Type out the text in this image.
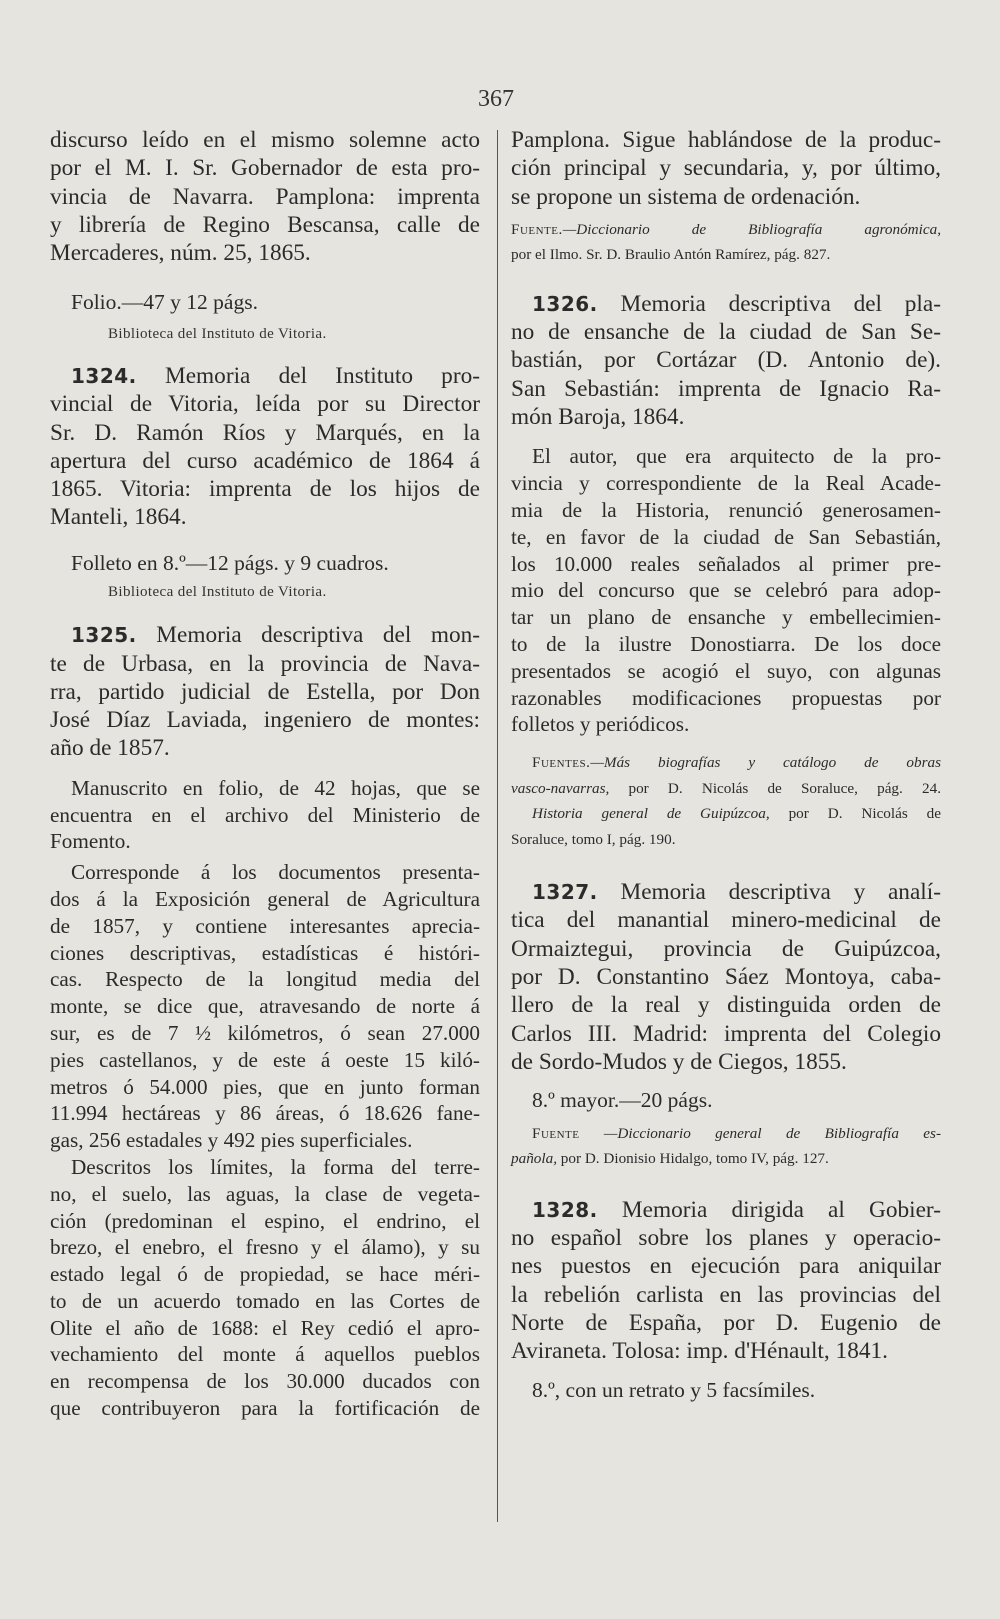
367

discurso leído en el mismo solemne acto

por el M. I. Sr. Gobernador de esta pro-

vincia de Navarra. Pamplona: imprenta

y librería de Regino Bescansa, calle de

Mercaderes, núm. 25, 1865.

Folio.—47 y 12 págs.

Biblioteca del Instituto de Vitoria.

1324. Memoria del Instituto pro-

vincial de Vitoria, leída por su Director

Sr. D. Ramón Ríos y Marqués, en la

apertura del curso académico de 1864 á

1865. Vitoria: imprenta de los hijos de

Manteli, 1864.

Folleto en 8.º—12 págs. y 9 cuadros.

Biblioteca del Instituto de Vitoria.

1325. Memoria descriptiva del mon-

te de Urbasa, en la provincia de Nava-

rra, partido judicial de Estella, por Don

José Díaz Laviada, ingeniero de montes:

año de 1857.

Manuscrito en folio, de 42 hojas, que se

encuentra en el archivo del Ministerio de

Fomento.

Corresponde á los documentos presenta-

dos á la Exposición general de Agricultura

de 1857, y contiene interesantes aprecia-

ciones descriptivas, estadísticas é históri-

cas. Respecto de la longitud media del

monte, se dice que, atravesando de norte á

sur, es de 7 ½ kilómetros, ó sean 27.000

pies castellanos, y de este á oeste 15 kiló-

metros ó 54.000 pies, que en junto forman

11.994 hectáreas y 86 áreas, ó 18.626 fane-

gas, 256 estadales y 492 pies superficiales.

Descritos los límites, la forma del terre-

no, el suelo, las aguas, la clase de vegeta-

ción (predominan el espino, el endrino, el

brezo, el enebro, el fresno y el álamo), y su

estado legal ó de propiedad, se hace méri-

to de un acuerdo tomado en las Cortes de

Olite el año de 1688: el Rey cedió el apro-

vechamiento del monte á aquellos pueblos

en recompensa de los 30.000 ducados con

que contribuyeron para la fortificación de

Pamplona. Sigue hablándose de la produc-

ción principal y secundaria, y, por último,

se propone un sistema de ordenación.

Fuente.—Diccionario de Bibliografía agronómica,

por el Ilmo. Sr. D. Braulio Antón Ramírez, pág. 827.

1326. Memoria descriptiva del pla-

no de ensanche de la ciudad de San Se-

bastián, por Cortázar (D. Antonio de).

San Sebastián: imprenta de Ignacio Ra-

món Baroja, 1864.

El autor, que era arquitecto de la pro-

vincia y correspondiente de la Real Acade-

mia de la Historia, renunció generosamen-

te, en favor de la ciudad de San Sebastián,

los 10.000 reales señalados al primer pre-

mio del concurso que se celebró para adop-

tar un plano de ensanche y embellecimien-

to de la ilustre Donostiarra. De los doce

presentados se acogió el suyo, con algunas

razonables modificaciones propuestas por

folletos y periódicos.

Fuentes.—Más biografías y catálogo de obras

vasco-navarras, por D. Nicolás de Soraluce, pág. 24.

Historia general de Guipúzcoa, por D. Nicolás de

Soraluce, tomo I, pág. 190.

1327. Memoria descriptiva y analí-

tica del manantial minero-medicinal de

Ormaiztegui, provincia de Guipúzcoa,

por D. Constantino Sáez Montoya, caba-

llero de la real y distinguida orden de

Carlos III. Madrid: imprenta del Colegio

de Sordo-Mudos y de Ciegos, 1855.

8.º mayor.—20 págs.

Fuente —Diccionario general de Bibliografía es-

pañola, por D. Dionisio Hidalgo, tomo IV, pág. 127.

1328. Memoria dirigida al Gobier-

no español sobre los planes y operacio-

nes puestos en ejecución para aniquilar

la rebelión carlista en las provincias del

Norte de España, por D. Eugenio de

Aviraneta. Tolosa: imp. d'Hénault, 1841.

8.º, con un retrato y 5 facsímiles.
